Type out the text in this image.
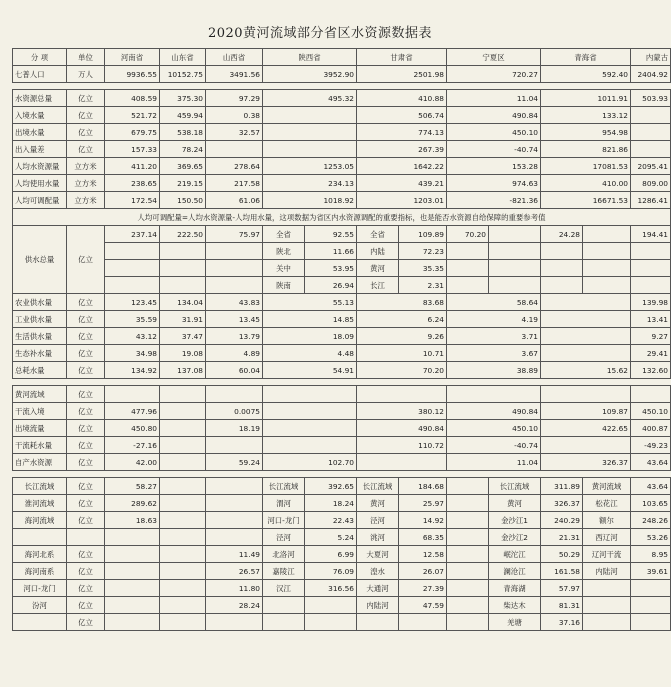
2020黄河流域部分省区水资源数据表
分 项	单位	河南省	山东省	山西省	陕西省		甘肃省		宁夏区		青海省		内蒙古
七普人口	万人	9936.55	10152.75	3491.56	3952.90		2501.98		720.27		592.40		2404.92

水资源总量	亿立	408.59	375.30	97.29	495.32		410.88		11.04		1011.91		503.93
入境水量	亿立	521.72	459.94	0.38			506.74		490.84		133.12		
出境水量	亿立	679.75	538.18	32.57			774.13		450.10		954.98		
出入量差	亿立	157.33	78.24				267.39		-40.74		821.86		
人均水资源量	立方米	411.20	369.65	278.64	1253.05		1642.22		153.28		17081.53		2095.41
人均使用水量	立方米	238.65	219.15	217.58	234.13		439.21		974.63		410.00		809.00
人均可调配量	立方米	172.54	150.50	61.06	1018.92		1203.01		-821.36		16671.53		1286.41
人均可调配量=人均水资源量-人均用水量，这项数据为省区内水资源调配的重要指标，也是能否水资源自给保障的重要参考值													
供水总量	亿立	237.14	222.50	75.97	全省	92.55	全省	109.89	70.20		24.28		194.41
					陕北	11.66	内陆	72.23					
					关中	53.95	黄河	35.35					
					陕南	26.94	长江	2.31					
农业供水量	亿立	123.45	134.04	43.83	55.13		83.68		58.64				139.98
工业供水量	亿立	35.59	31.91	13.45	14.85		6.24		4.19				13.41
生活供水量	亿立	43.12	37.47	13.79	18.09		9.26		3.71				9.27
生态补水量	亿立	34.98	19.08	4.89	4.48		10.71		3.67				29.41
总耗水量	亿立	134.92	137.08	60.04	54.91		70.20		38.89		15.62		132.60

黄河流域	亿立												
干流入境	亿立	477.96		0.0075			380.12		490.84		109.87		450.10
出境流量	亿立	450.80		18.19			490.84		450.10		422.65		400.87
干流耗水量	亿立	-27.16					110.72		-40.74				-49.23
自产水资源	亿立	42.00		59.24	102.70				11.04		326.37		43.64

长江流域	亿立	58.27			长江流域	392.65	长江流域	184.68		长江流域	311.89	黄河流域	43.64
淮河流域	亿立	289.62			渭河	18.24	黄河	25.97		黄河	326.37	松花江	103.65
海河流域	亿立	18.63			河口-龙门	22.43	泾河	14.92		金沙江1	240.29	额尔	248.26
					泾河	5.24	洮河	68.35		金沙江2	21.31	西辽河	53.26
海河北系	亿立			11.49	北洛河	6.99	大夏河	12.58		岷沱江	50.29	辽河干流	8.95
海河南系	亿立			26.57	嘉陵江	76.09	湟水	26.07		澜沧江	161.58	内陆河	39.61
河口-龙门	亿立			11.80	汉江	316.56	大通河	27.39		青海湖	57.97		
汾河	亿立			28.24			内陆河	47.59		柴达木	81.31		
	亿立									羌塘	37.16		
